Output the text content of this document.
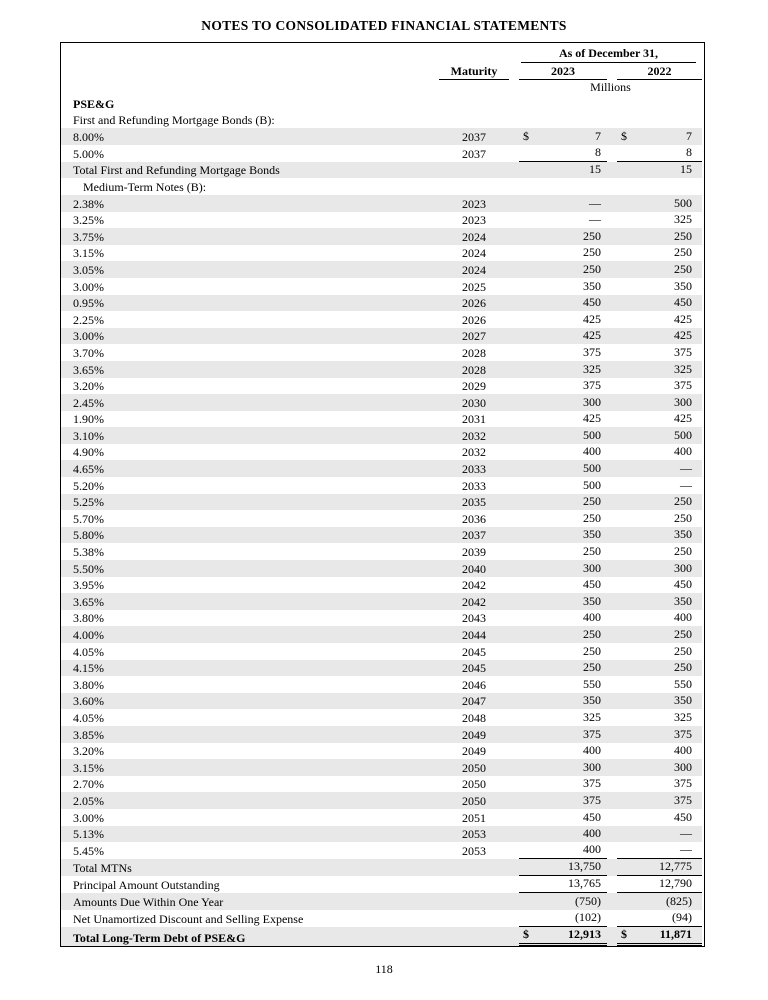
NOTES TO CONSOLIDATED FINANCIAL STATEMENTS

		As of December 31,		

	Maturity	2023		2022

		Millions		
PSE&G		

First and Refunding Mortgage Bonds (B):		

8.00%	2037	$ 7		$ 7

5.00%	2037	8		8

Total First and Refunding Mortgage Bonds		15		15

Medium-Term Notes (B):		

2.38%	2023	—		500

3.25%	2023	—		325

3.75%	2024	250		250

3.15%	2024	250		250

3.05%	2024	250		250

3.00%	2025	350		350

0.95%	2026	450		450

2.25%	2026	425		425

3.00%	2027	425		425

3.70%	2028	375		375

3.65%	2028	325		325

3.20%	2029	375		375

2.45%	2030	300		300

1.90%	2031	425		425

3.10%	2032	500		500

4.90%	2032	400		400

4.65%	2033	500		—

5.20%	2033	500		—

5.25%	2035	250		250

5.70%	2036	250		250

5.80%	2037	350		350

5.38%	2039	250		250

5.50%	2040	300		300

3.95%	2042	450		450

3.65%	2042	350		350

3.80%	2043	400		400

4.00%	2044	250		250

4.05%	2045	250		250

4.15%	2045	250		250

3.80%	2046	550		550

3.60%	2047	350		350

4.05%	2048	325		325

3.85%	2049	375		375

3.20%	2049	400		400

3.15%	2050	300		300

2.70%	2050	375		375

2.05%	2050	375		375

3.00%	2051	450		450

5.13%	2053	400		—

5.45%	2053	400		—

Total MTNs		13,750		12,775

Principal Amount Outstanding		13,765		12,790

Amounts Due Within One Year		(750)		(825)

Net Unamortized Discount and Selling Expense		(102)		(94)

Total Long-Term Debt of PSE&G		$ 12,913		$ 11,871
118
